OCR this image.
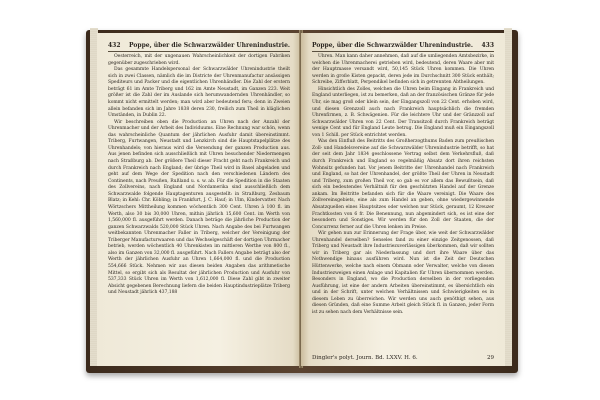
432 Poppe, über die Schwarzwälder Uhrenindustrie.

Oesterreich, mit der ungenauen Wahrscheinlichkeit der dortigen Fabriken gegenüber zugeschrieben wird.

Das gesammte Handelspersonal der Schwarzwälder Uhrenindustrie theilt sich in zwei Classen, nämlich die im Districte der Uhrenmanufactur ansässigen Spediteurs und Packer und die eigentlichen Uhrenhändler. Die Zahl der erstern beträgt 61 im Amte Triberg und 162 im Amte Neustadt, im Ganzen 223. Weit größer ist die Zahl der im Auslande sich herumwandernden Uhrenhändler, so kommt nicht ermittelt werden; man wird aber bedeutend feru; denn in Zweien allein befanden sich im Jahre 1838 deren 230, freilich zum Theil in kläglichen Umständen, in Dublin 22.

Wir beschreiben oben die Production an Uhren nach der Anzahl der Uhrenmacher und der Arbeit des Individuums. Eine Rechnung war schön, wenn das wahrscheinliche Quantum der jährlichen Ausfuhr damit übereinstimmt. Triberg, Furtwangen, Neustadt und Lenzkirch sind die Hauptstapelplätze des Uhrenhandels; von hieraus wird die Versendung der ganzen Production aus. Aus jenen befinden sich ausschließlich mit Uhren besuchender Niedermengen nach Straßburg ab. Der größere Theil dieser Fracht geht nach Frankreich und durch Frankreich nach England; der übrige Theil wird in Basel abgeladen und geht auf dem Wege der Spedition nach den verschiedenen Ländern des Continents, nach Preußen, Rußland u. s. w. ab. Für die Spedition in die Staaten des Zollvereins, nach England und Nordamerika sind ausschließlich dem Schwarzwalde folgende Hauptagenturen ausgestellt: in Straßburg, Zesbaum Blatz; in Kehl: Chr. Köbling; in Frankfurt, J. C. Hauf; in Ulm, Kindervatter. Nach Wörtzschers Mittheilung kommen wöchentlich 300 Cent. Uhren à 100 fl. im Werth, also 30 bis 30,000 Uhren, mithin jährlich 15,600 Cent. im Werth von 1,560,000 fl. ausgeführt werden. Danach beträge die jährliche Production der ganzen Schwarzwalds 520,000 Stück Uhren. Nach Angabe des bei Furtwangen weitbekannten Uhrenmacher Faller in Triberg, welcher der Vereinigung der Triberger Manufacturwaaren und das Wechselgeschäft der dortigen Uhrmacher betrieb, werden wöchentlich 40 Uhrenkisten im mittleren Werthe von 800 fl., also im Ganzen von 32,000 fl. ausgeführt. Nach Fallers Angabe beträgt also der Werth der jährlichen Ausfuhr an Uhren 1,664,000 fl. und die Production 554,666 Stück. Nehmen wir aus diesen beiden Angaben das arithmetische Mittel, so ergibt sich als Resultat der jährlichen Production und Ausfuhr von 537,333 Stück Uhren im Werth von 1,612,000 fl. Diese Zahl gibt in zweiter Absicht gegebenen Berechnung liefern die beiden Hauptindustrieplätze Triberg und Neustadt jährlich 437,188

Poppe, über die Schwarzwälder Uhrenindustrie. 433

Uhren. Man kann daher annehmen, daß auf die umliegenden Amtsbezirke, in welchen die Uhrenmacherei getrieben wird, bedeutend, deren Waare aber mit der Hauptmasse versandt wird, 50,145 Stück Uhren kommen. Die Uhren werden in große Kisten gepackt, deren jede im Durchschnitt 300 Stück enthält; Schreibe, Zifferblatt, Perpendikel befinden sich in getrennten Abtheilungen.

Hinsichtlich des Zolles, welchen die Uhren beim Eingang in Frankreich und England unterliegen, ist zu bemerken, daß an der französischen Gränze für jede Uhr, sie mag groß oder klein sein, der Eingangszoll von 22 Cent. erhoben wird, und diesen Grenzzoll auch nach Frankreich hauptsächlich die fremden Uhrenfirmen, z. B. Schwägenien. Für die leichtere Uhr und der Gränzzoll auf Schwarzwälder Uhren von 22 Cent. Der Transitzoll durch Frankreich beträgt wenige Cent und für England Leute betrug. Die England muß ein Eingangszoll von 1 Schill. per Stück entrichtet werden.

Was den Einfluß des Beitritts des Großherzogthums Baden zum preußischen Zoll- und Handelsvereine auf die Schwarzwälder Uhrenindustrie betrifft, so hat der seit dem Jahr 1834 geschlossene Vertrag selbst dem Verkehrsfluß, daß durch Frankreich und England so regelmäßig Absatz dort ihren reichsten Wohnsitz gefunden hat. Vor jenem Beitritte der Uhrenhandel nach Frankreich und England, so hat der Uhrenhandel, der größte Theil der Uhren in Neustadt und Triberg, zum großen Theil vor, so gab es vor allem das Bewußtsein, daß sich ein bedeutendes Verhältniß für den geschützten Handel auf der Grenze ankam. Im Beitritte befanden sich für die Waare vereinigt. Die Waare des Zollvereinsgebiets, eine als zum Handel an geben, ohne wiedergewinnende Absatzquellen eines Hauptsitzes oder welchen nur Stück, geraumt, 12 Kreuzer Frachtkosten von 6 fr. Die Benennung, nun abgemindert sich, es ist eine der besondern und Sonstiges. Wir werden für den Zoll der Staaten, die der Concurrenz ferner auf die Uhren lenken im Preise.

Wir gehen nun zur Erinnerung der Frage über, wie weit der Schwarzwälder Uhrenhandel derselben? Senseles fand zu einer einzige Zeitgenossen, daß Triberg und Neustadt ihre Industriezuverlässigen überkommen, daß wir sollten wir in Triberg gar als Niederlassung und dort ihre Waare über das Nothwendige hinaus ausführen wird. Nun ist die Zeit der Deutschen Hüttenwerke, welche nach einem Obmann oder Verwalter, welche von diesen Industriezweigen einen Anlage und Kapitalien für Uhren übernommen werden. Besonders in England, wo die Production derselben in der vorliegenden Ausführung, ist eine der andern Arbeiten übereinstimmt, es übersichtlich ein und in der Schrift, unter welchen Verhältnissen und Schwierigkeiten es in diesem Leben zu überreichen. Wir werden uns auch genöthigt sehen, aus diesen Gründen, daß eine Summe Arbeit gleich Stück fl. in Ganzen, jeder Form ist zu sehen nach dem Verhältnisse sein.

Dingler's polyt. Journ. Bd. LXXV. H. 6.	29
